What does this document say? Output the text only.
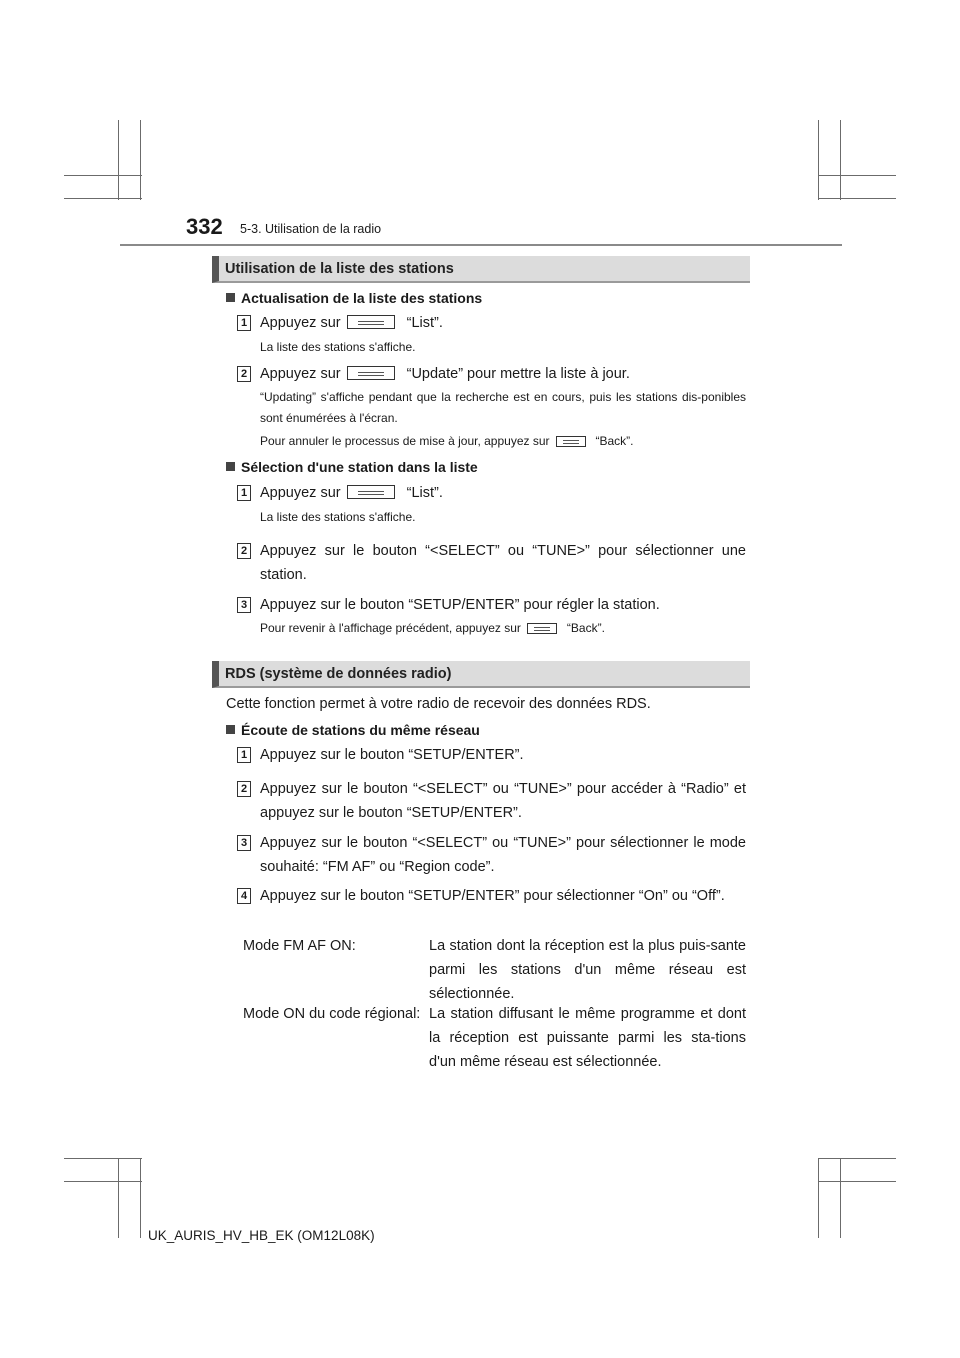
332 5-3. Utilisation de la radio
Utilisation de la liste des stations
Actualisation de la liste des stations
1 Appuyez sur	“List”.
La liste des stations s'affiche.
2 Appuyez sur	“Update” pour mettre la liste à jour.
“Updating” s'affiche pendant que la recherche est en cours, puis les stations dis-ponibles sont énumérées à l'écran.
Pour annuler le processus de mise à jour, appuyez sur	“Back”.
Sélection d'une station dans la liste
1 Appuyez sur	“List”.
La liste des stations s'affiche.
2 Appuyez sur le bouton “<SELECT” ou “TUNE>” pour sélectionner une station.
3 Appuyez sur le bouton “SETUP/ENTER” pour régler la station.
Pour revenir à l'affichage précédent, appuyez sur	“Back”.
RDS (système de données radio)
Cette fonction permet à votre radio de recevoir des données RDS.
Écoute de stations du même réseau
1 Appuyez sur le bouton “SETUP/ENTER”.
2 Appuyez sur le bouton “<SELECT” ou “TUNE>” pour accéder à “Radio” et appuyez sur le bouton “SETUP/ENTER”.
3 Appuyez sur le bouton “<SELECT” ou “TUNE>” pour sélectionner le mode souhaité: “FM AF” ou “Region code”.
4 Appuyez sur le bouton “SETUP/ENTER” pour sélectionner “On” ou “Off”.
Mode FM AF ON:	La station dont la réception est la plus puis-sante parmi les stations d'un même réseau est sélectionnée.
Mode ON du code régional: La station diffusant le même programme et dont la réception est puissante parmi les sta-tions d'un même réseau est sélectionnée.
UK_AURIS_HV_HB_EK (OM12L08K)
